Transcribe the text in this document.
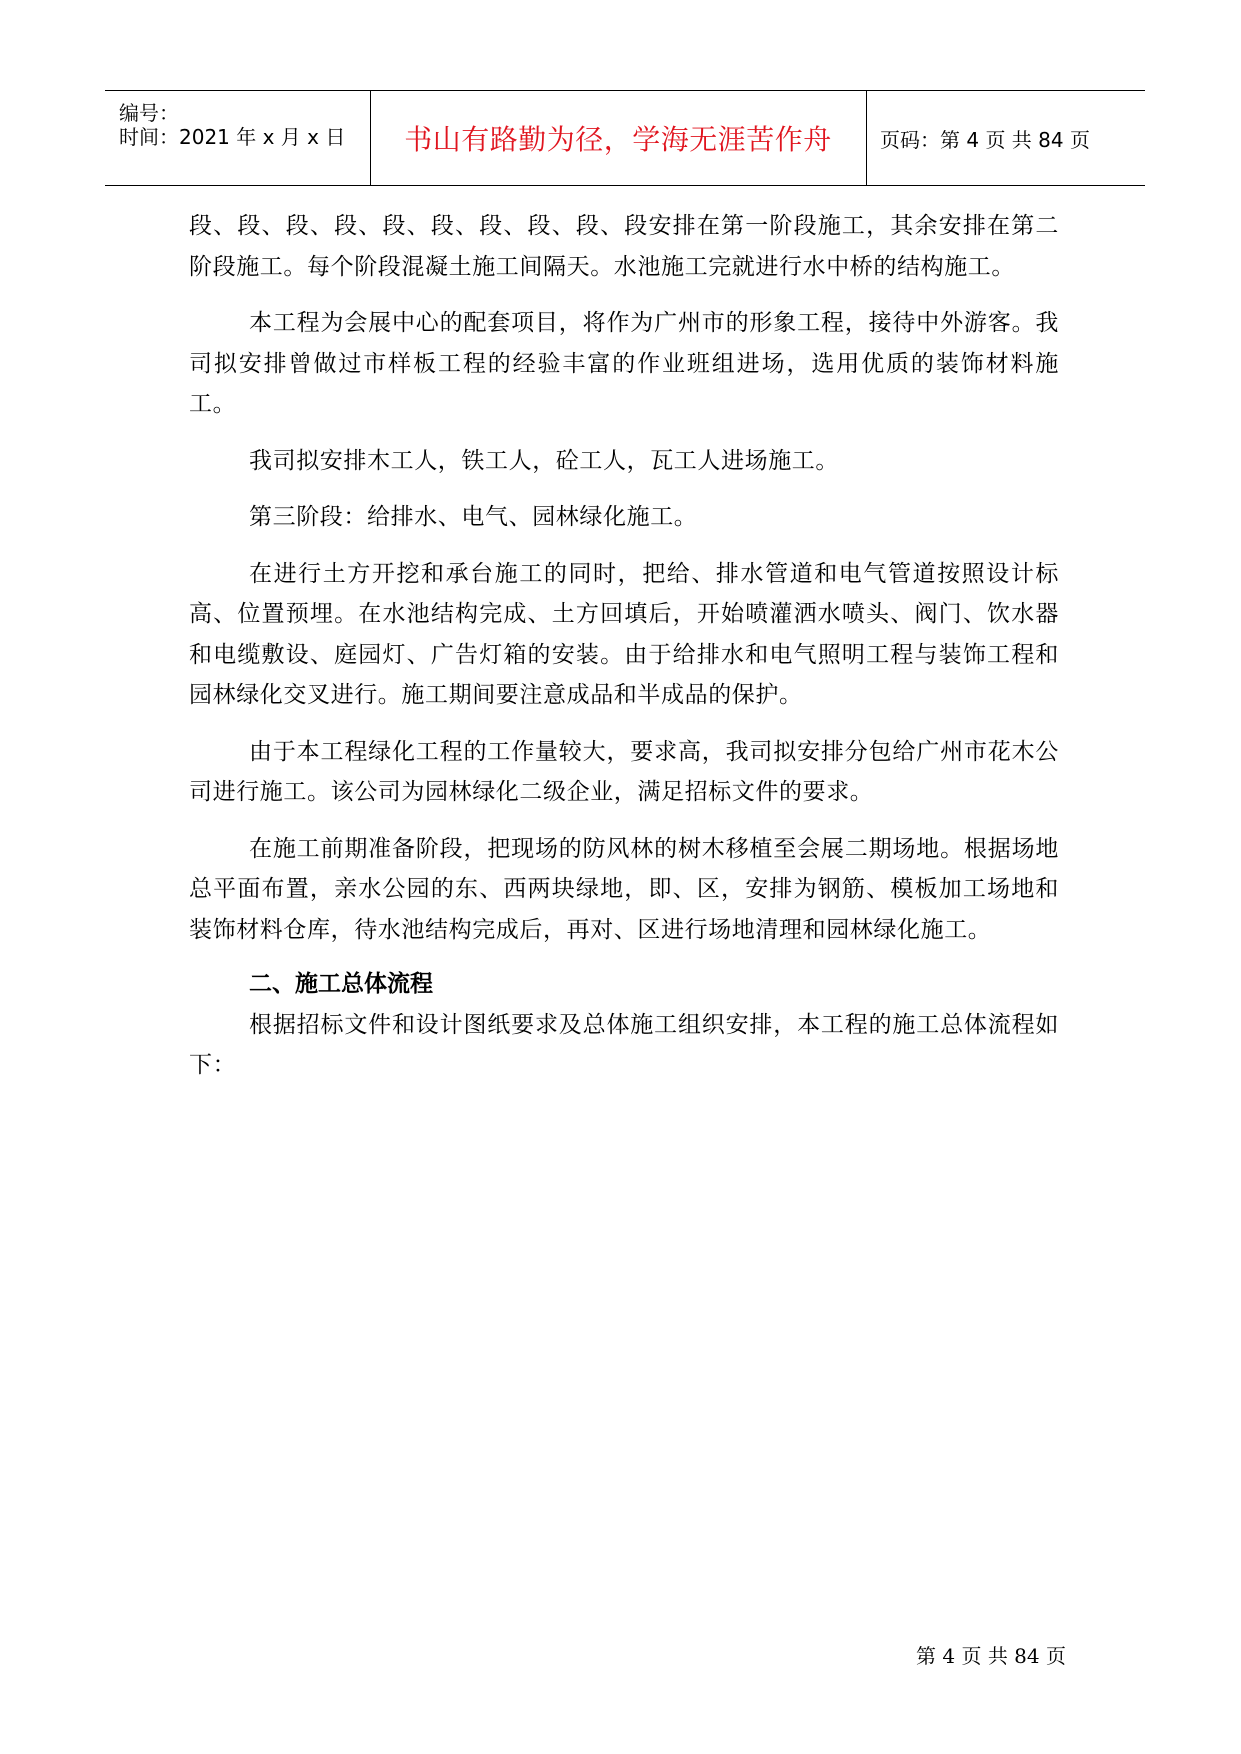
编号：
时间：2021 年 x 月 x 日 书山有路勤为径，学海无涯苦作舟 页码：第 4 页 共 84 页

段、段、段、段、段、段、段、段、段、段安排在第一阶段施工，其余安排在第二阶段施工。每个阶段混凝土施工间隔天。水池施工完就进行水中桥的结构施工。

本工程为会展中心的配套项目，将作为广州市的形象工程，接待中外游客。我司拟安排曾做过市样板工程的经验丰富的作业班组进场，选用优质的装饰材料施工。

我司拟安排木工人，铁工人，砼工人，瓦工人进场施工。

第三阶段：给排水、电气、园林绿化施工。

在进行土方开挖和承台施工的同时，把给、排水管道和电气管道按照设计标高、位置预埋。在水池结构完成、土方回填后，开始喷灌洒水喷头、阀门、饮水器和电缆敷设、庭园灯、广告灯箱的安装。由于给排水和电气照明工程与装饰工程和园林绿化交叉进行。施工期间要注意成品和半成品的保护。

由于本工程绿化工程的工作量较大，要求高，我司拟安排分包给广州市花木公司进行施工。该公司为园林绿化二级企业，满足招标文件的要求。

在施工前期准备阶段，把现场的防风林的树木移植至会展二期场地。根据场地总平面布置，亲水公园的东、西两块绿地，即、区，安排为钢筋、模板加工场地和装饰材料仓库，待水池结构完成后，再对、区进行场地清理和园林绿化施工。

二、施工总体流程

根据招标文件和设计图纸要求及总体施工组织安排，本工程的施工总体流程如下：

第 4 页 共 84 页
